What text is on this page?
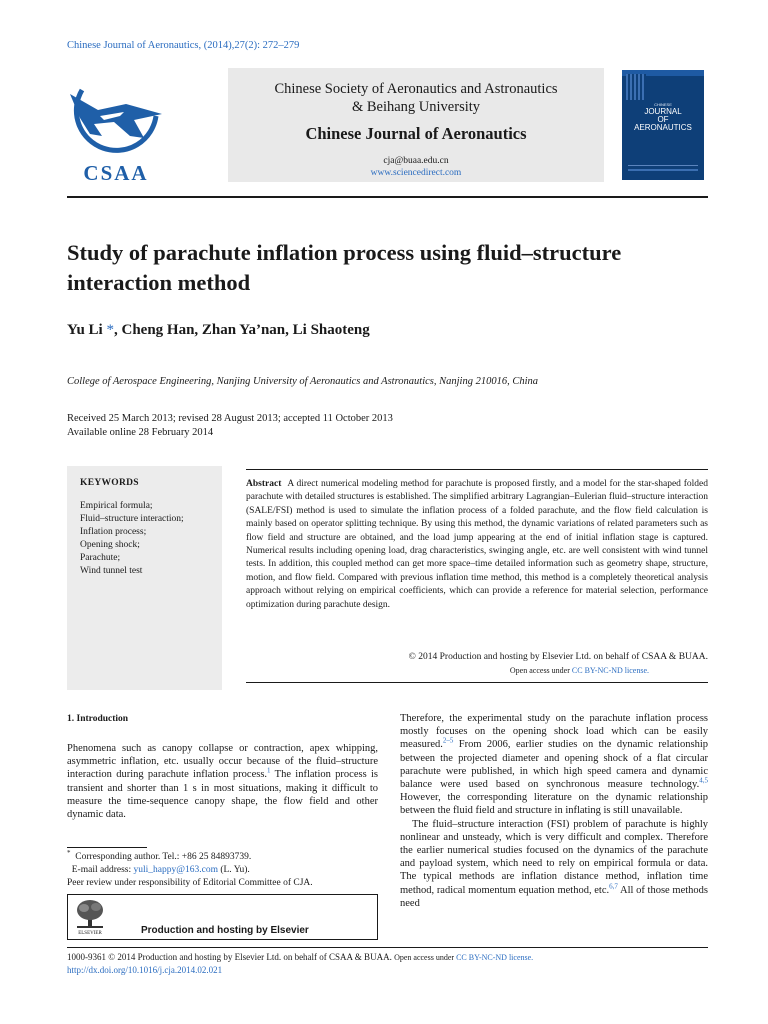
Chinese Journal of Aeronautics, (2014),27(2): 272–279
CSAA
Chinese Society of Aeronautics and Astronautics
& Beihang University
Chinese Journal of Aeronautics
cja@buaa.edu.cn
www.sciencedirect.com
CHINESE
JOURNAL
OF
AERONAUTICS
Study of parachute inflation process using fluid–structure interaction method
Yu Li *, Cheng Han, Zhan Ya’nan, Li Shaoteng
College of Aerospace Engineering, Nanjing University of Aeronautics and Astronautics, Nanjing 210016, China
Received 25 March 2013; revised 28 August 2013; accepted 11 October 2013
Available online 28 February 2014
KEYWORDS
Empirical formula;
Fluid–structure interaction;
Inflation process;
Opening shock;
Parachute;
Wind tunnel test
Abstract A direct numerical modeling method for parachute is proposed firstly, and a model for the star-shaped folded parachute with detailed structures is established. The simplified arbitrary Lagrangian–Eulerian fluid–structure interaction (SALE/FSI) method is used to simulate the inflation process of a folded parachute, and the flow field calculation is mainly based on operator splitting technique. By using this method, the dynamic variations of related parameters such as flow field and structure are obtained, and the load jump appearing at the end of initial inflation stage is captured. Numerical results including opening load, drag characteristics, swinging angle, etc. are well consistent with wind tunnel tests. In addition, this coupled method can get more space–time detailed information such as geometry shape, structure, motion, and flow field. Compared with previous inflation time method, this method is a completely theoretical analysis approach without relying on empirical coefficients, which can provide a reference for material selection, performance optimization during parachute design.
© 2014 Production and hosting by Elsevier Ltd. on behalf of CSAA & BUAA.
Open access under CC BY-NC-ND license.
1. Introduction

Phenomena such as canopy collapse or contraction, apex whipping, asymmetric inflation, etc. usually occur because of the fluid–structure interaction during parachute inflation process.$^1$ The inflation process is transient and shorter than 1 s in most situations, making it difficult to measure the time-sequence canopy shape, the flow field and other dynamic data.

Therefore, the experimental study on the parachute inflation process mostly focuses on the opening shock load which can be easily measured.$^{2-5}$ From 2006, earlier studies on the dynamic relationship between the projected diameter and opening shock of a flat circular parachute were published, in which high speed camera and dynamic balance were used based on synchronous measure technology.$^{4,5}$ However, the corresponding literature on the dynamic relationship between the fluid field and structure in inflating is still unavailable.

The fluid–structure interaction (FSI) problem of parachute is highly nonlinear and unsteady, which is very difficult and complex. Therefore the earlier numerical studies focused on the dynamics of the parachute and payload system, which need to rely on empirical formula or data. The typical methods are inflation distance method, inflation time method, radical momentum equation method, etc.$^{6,7}$ All of those methods need

* Corresponding author. Tel.: +86 25 84893739.
E-mail address: yuli_happy@163.com (L. Yu).
Peer review under responsibility of Editorial Committee of CJA.
ELSEVIER	Production and hosting by Elsevier
1000-9361 © 2014 Production and hosting by Elsevier Ltd. on behalf of CSAA & BUAA. Open access under CC BY-NC-ND license.
http://dx.doi.org/10.1016/j.cja.2014.02.021
